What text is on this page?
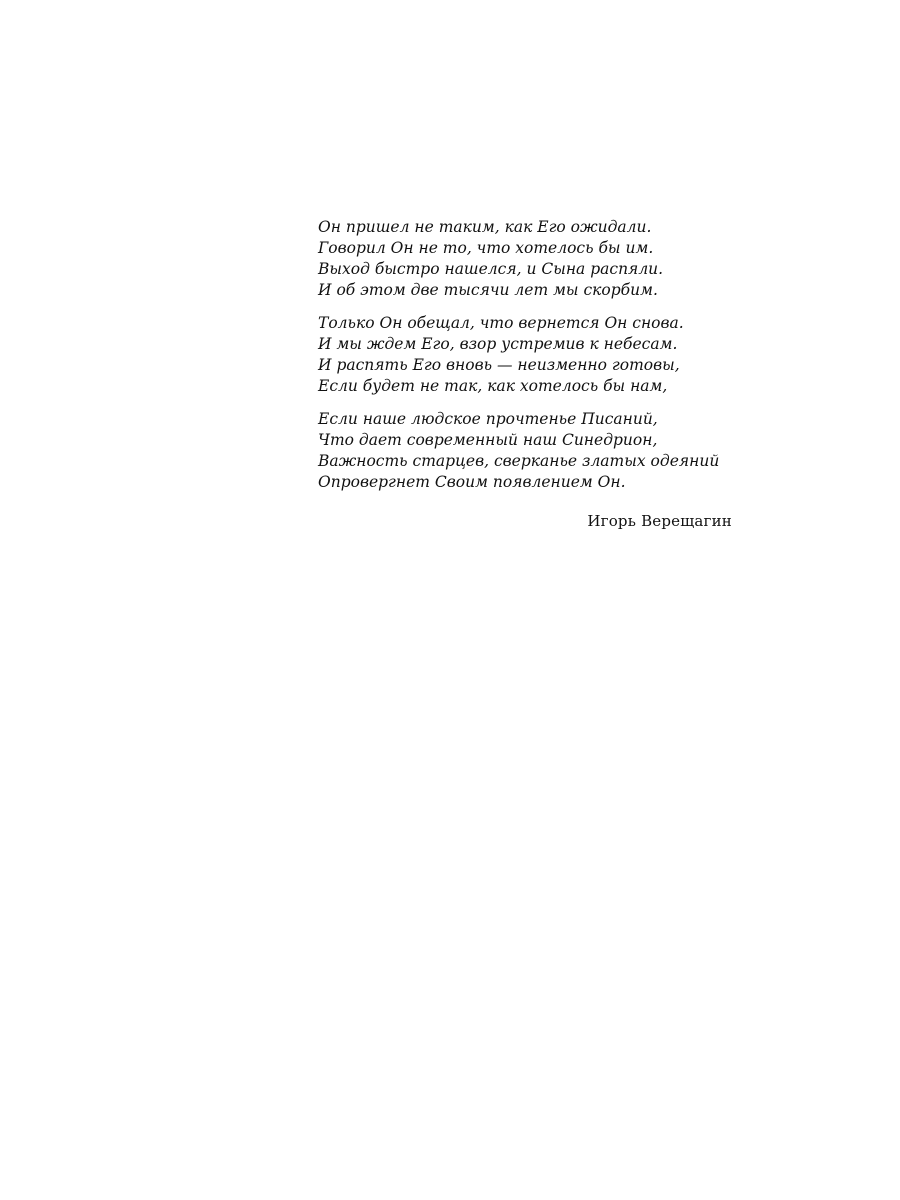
Он пришел не таким, как Его ожидали.
Говорил Он не то, что хотелось бы им.
Выход быстро нашелся, и Сына распяли.
И об этом две тысячи лет мы скорбим.
Только Он обещал, что вернется Он снова.
И мы ждем Его, взор устремив к небесам.
И распять Его вновь — неизменно готовы,
Если будет не так, как хотелось бы нам,
Если наше людское прочтенье Писаний,
Что дает современный наш Синедрион,
Важность старцев, сверканье златых одеяний
Опровергнет Своим появлением Он.
Игорь Верещагин
